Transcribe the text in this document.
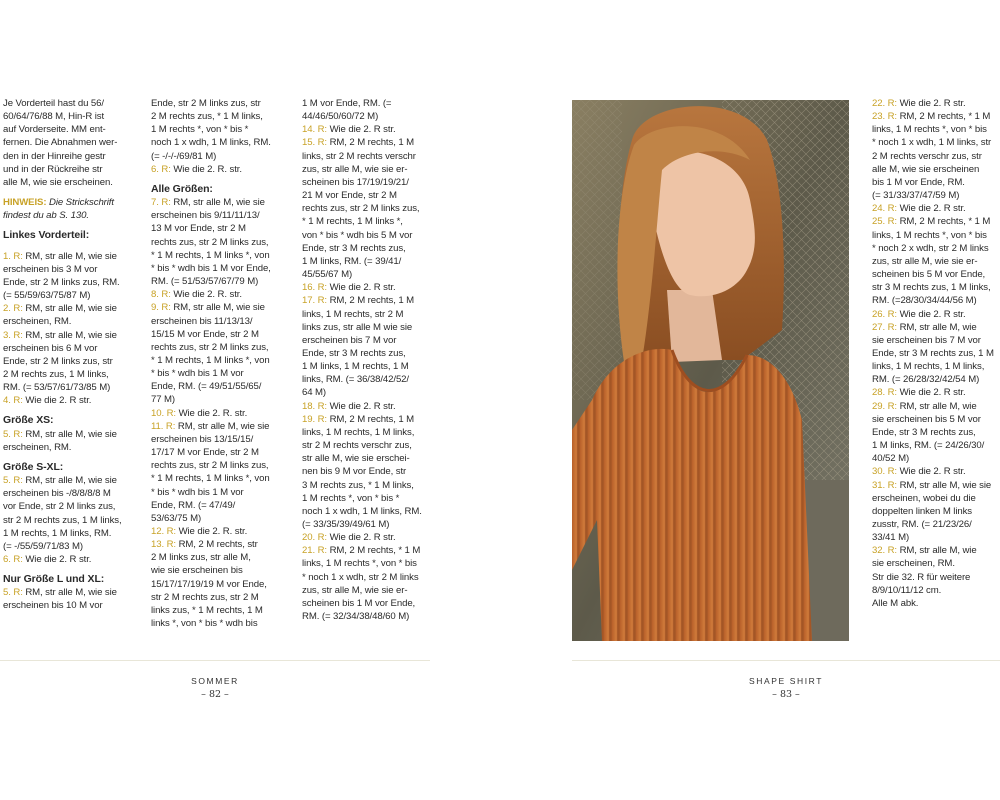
Je Vorderteil hast du 56/

60/64/76/88 M, Hin-R ist

auf Vorderseite. MM ent-

fernen. Die Abnahmen wer-

den in der Hinreihe gestr

und in der Rückreihe str

alle M, wie sie erscheinen.

HINWEIS: Die Strickschrift

findest du ab S. 130.

Linkes Vorderteil:

1. R: RM, str alle M, wie sie

erscheinen bis 3 M vor

Ende, str 2 M links zus, RM.

(= 55/59/63/75/87 M)

2. R: RM, str alle M, wie sie

erscheinen, RM.

3. R: RM, str alle M, wie sie

erscheinen bis 6 M vor

Ende, str 2 M links zus, str

2 M rechts zus, 1 M links,

RM. (= 53/57/61/73/85 M)

4. R: Wie die 2. R str.

Größe XS:

5. R: RM, str alle M, wie sie

erscheinen, RM.

Größe S-XL:

5. R: RM, str alle M, wie sie

erscheinen bis -/8/8/8/8 M

vor Ende, str 2 M links zus,

str 2 M rechts zus, 1 M links,

1 M rechts, 1 M links, RM.

(= -/55/59/71/83 M)

6. R: Wie die 2. R str.

Nur Größe L und XL:

5. R: RM, str alle M, wie sie

erscheinen bis 10 M vor

Ende, str 2 M links zus, str

2 M rechts zus, * 1 M links,

1 M rechts *, von * bis *

noch 1 x wdh, 1 M links, RM.

(= -/-/-/69/81 M)

6. R: Wie die 2. R. str.

Alle Größen:

7. R: RM, str alle M, wie sie

erscheinen bis 9/11/11/13/

13 M vor Ende, str 2 M

rechts zus, str 2 M links zus,

* 1 M rechts, 1 M links *, von

* bis * wdh bis 1 M vor Ende,

RM. (= 51/53/57/67/79 M)

8. R: Wie die 2. R. str.

9. R: RM, str alle M, wie sie

erscheinen bis 11/13/13/

15/15 M vor Ende, str 2 M

rechts zus, str 2 M links zus,

* 1 M rechts, 1 M links *, von

* bis * wdh bis 1 M vor

Ende, RM. (= 49/51/55/65/

77 M)

10. R: Wie die 2. R. str.

11. R: RM, str alle M, wie sie

erscheinen bis 13/15/15/

17/17 M vor Ende, str 2 M

rechts zus, str 2 M links zus,

* 1 M rechts, 1 M links *, von

* bis * wdh bis 1 M vor

Ende, RM. (= 47/49/

53/63/75 M)

12. R: Wie die 2. R. str.

13. R: RM, 2 M rechts, str

2 M links zus, str alle M,

wie sie erscheinen bis

15/17/17/19/19 M vor Ende,

str 2 M rechts zus, str 2 M

links zus, * 1 M rechts, 1 M

links *, von * bis * wdh bis

1 M vor Ende, RM. (=

44/46/50/60/72 M)

14. R: Wie die 2. R str.

15. R: RM, 2 M rechts, 1 M

links, str 2 M rechts verschr

zus, str alle M, wie sie er-

scheinen bis 17/19/19/21/

21 M vor Ende, str 2 M

rechts zus, str 2 M links zus,

* 1 M rechts, 1 M links *,

von * bis * wdh bis 5 M vor

Ende, str 3 M rechts zus,

1 M links, RM. (= 39/41/

45/55/67 M)

16. R: Wie die 2. R str.

17. R: RM, 2 M rechts, 1 M

links, 1 M rechts, str 2 M

links zus, str alle M wie sie

erscheinen bis 7 M vor

Ende, str 3 M rechts zus,

1 M links, 1 M rechts, 1 M

links, RM. (= 36/38/42/52/

64 M)

18. R: Wie die 2. R str.

19. R: RM, 2 M rechts, 1 M

links, 1 M rechts, 1 M links,

str 2 M rechts verschr zus,

str alle M, wie sie erschei-

nen bis 9 M vor Ende, str

3 M rechts zus, * 1 M links,

1 M rechts *, von * bis *

noch 1 x wdh, 1 M links, RM.

(= 33/35/39/49/61 M)

20. R: Wie die 2. R str.

21. R: RM, 2 M rechts, * 1 M

links, 1 M rechts *, von * bis

* noch 1 x wdh, str 2 M links

zus, str alle M, wie sie er-

scheinen bis 1 M vor Ende,

RM. (= 32/34/38/48/60 M)

SOMMER
– 82 –

22. R: Wie die 2. R str.

23. R: RM, 2 M rechts, * 1 M

links, 1 M rechts *, von * bis

* noch 1 x wdh, 1 M links, str

2 M rechts verschr zus, str

alle M, wie sie erscheinen

bis 1 M vor Ende, RM.

(= 31/33/37/47/59 M)

24. R: Wie die 2. R str.

25. R: RM, 2 M rechts, * 1 M

links, 1 M rechts *, von * bis

* noch 2 x wdh, str 2 M links

zus, str alle M, wie sie er-

scheinen bis 5 M vor Ende,

str 3 M rechts zus, 1 M links,

RM. (=28/30/34/44/56 M)

26. R: Wie die 2. R str.

27. R: RM, str alle M, wie

sie erscheinen bis 7 M vor

Ende, str 3 M rechts zus, 1 M

links, 1 M rechts, 1 M links,

RM. (= 26/28/32/42/54 M)

28. R: Wie die 2. R str.

29. R: RM, str alle M, wie

sie erscheinen bis 5 M vor

Ende, str 3 M rechts zus,

1 M links, RM. (= 24/26/30/

40/52 M)

30. R: Wie die 2. R str.

31. R: RM, str alle M, wie sie

erscheinen, wobei du die

doppelten linken M links

zusstr, RM. (= 21/23/26/

33/41 M)

32. R: RM, str alle M, wie

sie erscheinen, RM.

Str die 32. R für weitere

8/9/10/11/12 cm.

Alle M abk.

SHAPE SHIRT
– 83 –
